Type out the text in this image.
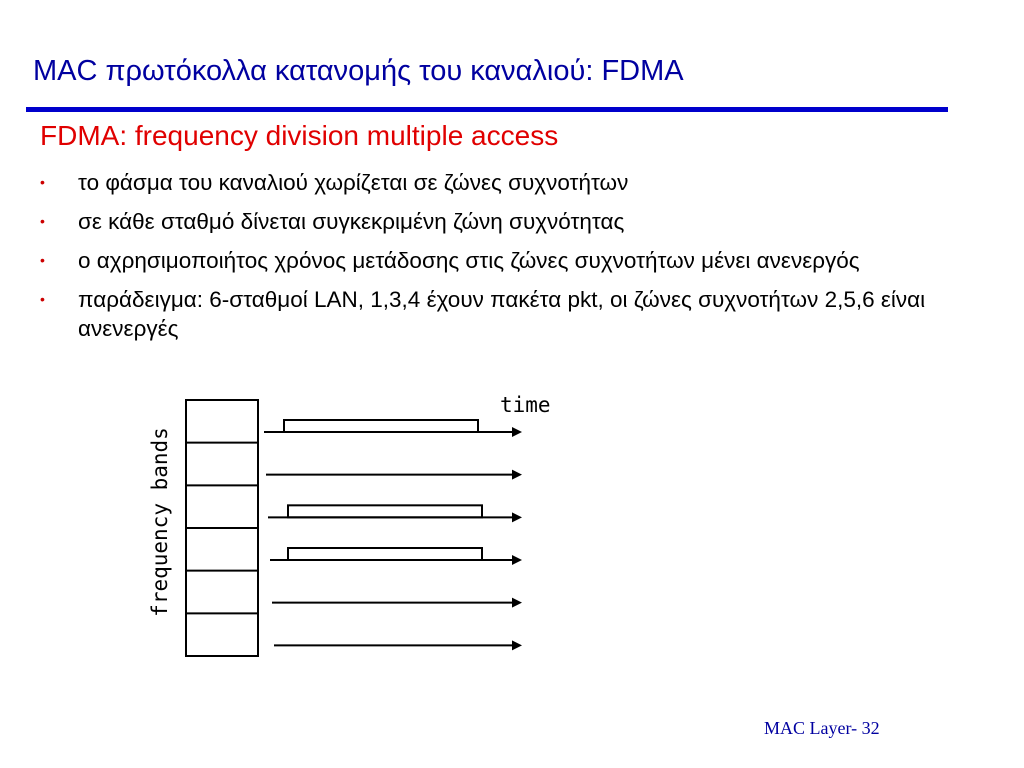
MAC πρωτόκολλα κατανομής του καναλιού: FDMA
FDMA: frequency division multiple access
• το φάσμα του καναλιού χωρίζεται σε ζώνες συχνοτήτων
• σε κάθε σταθμό δίνεται συγκεκριμένη ζώνη συχνότητας
• ο αχρησιμοποιήτος χρόνος μετάδοσης στις ζώνες συχνοτήτων μένει ανενεργός
• παράδειγμα: 6-σταθμοί LAN, 1,3,4 έχουν πακέτα pkt, οι ζώνες συχνοτήτων 2,5,6 είναι ανενεργές
frequency bands
time
MAC Layer- 32
